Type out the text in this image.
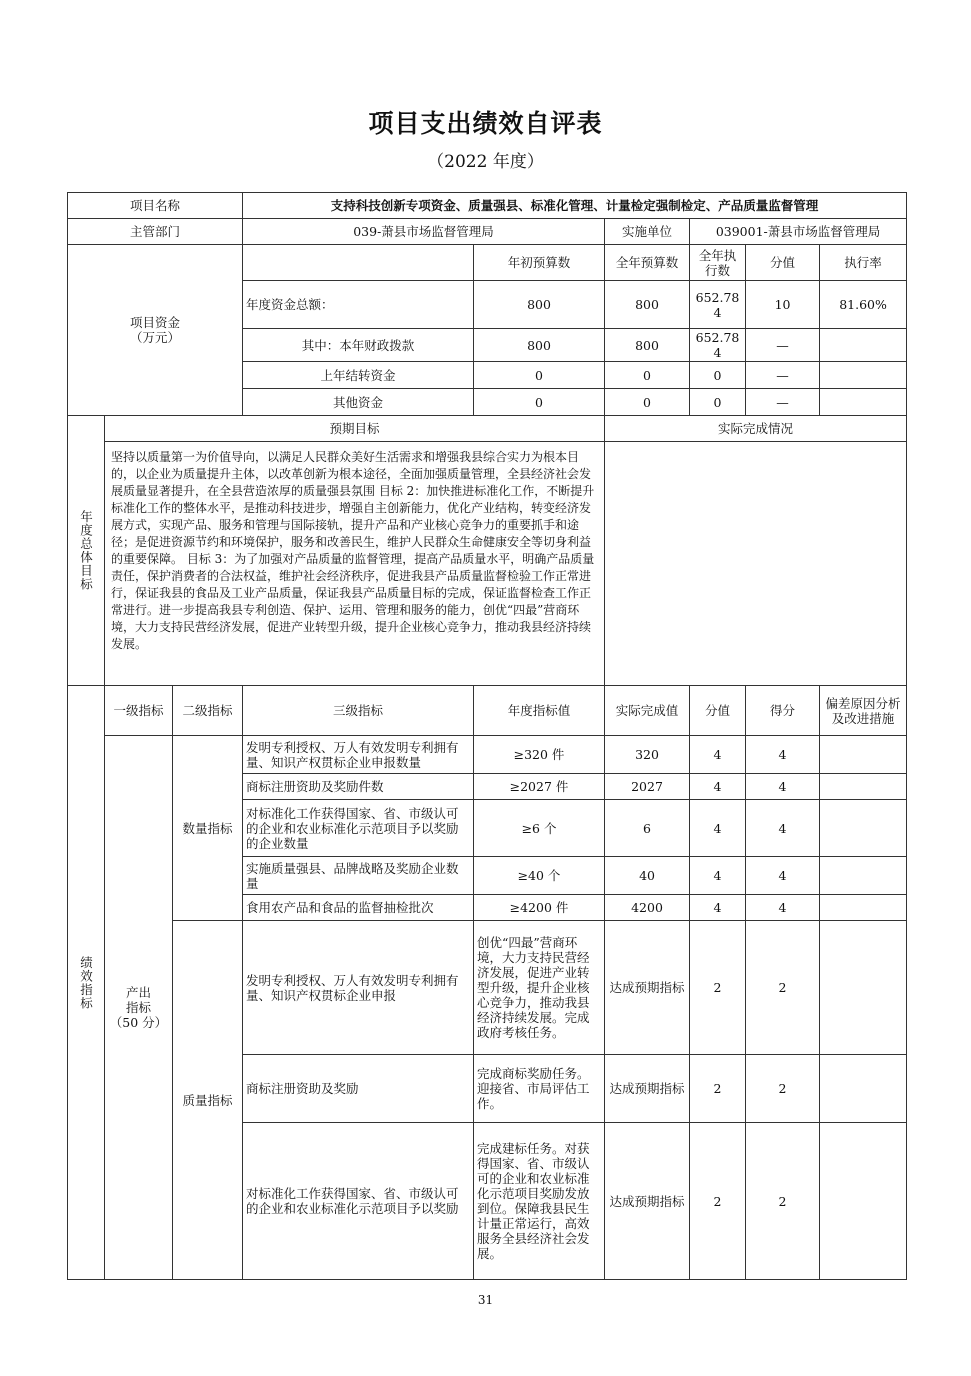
项目支出绩效自评表
（2022 年度）
项目名称			支持科技创新专项资金、质量强县、标准化管理、计量检定强制检定、产品质量监督管理						
主管部门			039-萧县市场监督管理局		实施单位	039001-萧县市场监督管理局			
项目资金
（万元）				年初预算数	全年预算数	全年执行数	分值	执行率	
			年度资金总额：	800	800	652.784	10	81.60%	
			其中：本年财政拨款	800	800	652.784	—		
			上年结转资金	0	0	0	—		
			其他资金	0	0	0	—		
年度总体目标	预期目标				实际完成情况				
	坚持以质量第一为价值导向，以满足人民群众美好生活需求和增强我县综合实力为根本目的，以企业为质量提升主体，以改革创新为根本途径，全面加强质量管理，全县经济社会发展质量显著提升，在全县营造浓厚的质量强县氛围 目标 2：加快推进标准化工作，不断提升标准化工作的整体水平，是推动科技进步，增强自主创新能力，优化产业结构，转变经济发展方式，实现产品、服务和管理与国际接轨，提升产品和产业核心竞争力的重要抓手和途径；是促进资源节约和环境保护，服务和改善民生，维护人民群众生命健康安全等切身利益的重要保障。 目标 3：为了加强对产品质量的监督管理，提高产品质量水平，明确产品质量责任，保护消费者的合法权益，维护社会经济秩序，促进我县产品质量监督检验工作正常进行，保证我县的食品及工业产品质量，保证我县产品质量目标的完成，保证监督检查工作正常进行。进一步提高我县专利创造、保护、运用、管理和服务的能力，创优“四最”营商环境，大力支持民营经济发展，促进产业转型升级，提升企业核心竞争力，推动我县经济持续发展。								
绩效指标	一级指标	二级指标	三级指标	年度指标值	实际完成值	分值	得分	偏差原因分析及改进措施	
	产出
指标
（50 分）	数量指标	发明专利授权、万人有效发明专利拥有量、知识产权贯标企业申报数量	≥320 件	320	4	4		
			商标注册资助及奖励件数	≥2027 件	2027	4	4		
			对标准化工作获得国家、省、市级认可的企业和农业标准化示范项目予以奖励的企业数量	≥6 个	6	4	4		
			实施质量强县、品牌战略及奖励企业数量	≥40 个	40	4	4		
			食用农产品和食品的监督抽检批次	≥4200 件	4200	4	4		
		质量指标	发明专利授权、万人有效发明专利拥有量、知识产权贯标企业申报	创优“四最”营商环境，大力支持民营经济发展，促进产业转型升级，提升企业核心竞争力，推动我县经济持续发展。完成政府考核任务。	达成预期指标	2	2		
			商标注册资助及奖励	完成商标奖励任务。迎接省、市局评估工作。	达成预期指标	2	2		
			对标准化工作获得国家、省、市级认可的企业和农业标准化示范项目予以奖励	完成建标任务。对获得国家、省、市级认可的企业和农业标准化示范项目奖励发放到位。保障我县民生计量正常运行，高效服务全县经济社会发展。	达成预期指标	2	2		
31
